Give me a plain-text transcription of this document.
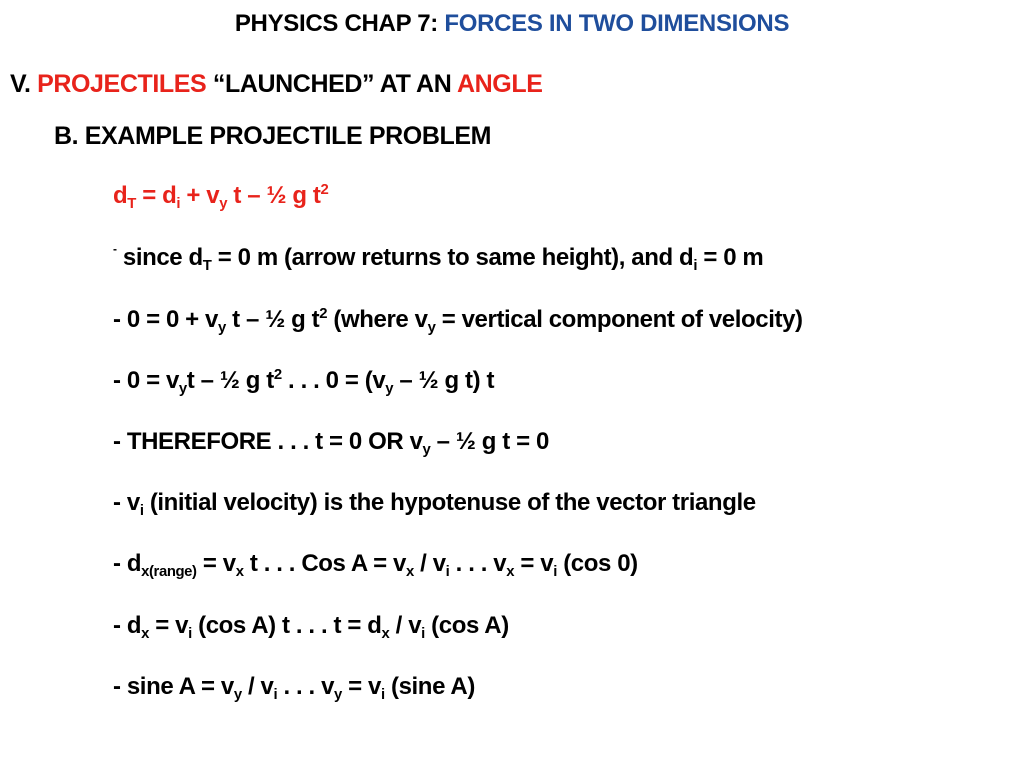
PHYSICS CHAP 7: FORCES IN TWO DIMENSIONS
V. PROJECTILES “LAUNCHED” AT AN ANGLE
B. EXAMPLE PROJECTILE PROBLEM
$d_T = d_i + v_y$ t – ½ g $t^2$
- since $d_T = 0$ m (arrow returns to same height), and $d_i = 0$ m
- $0 = 0 + v_y$ t – ½ g $t^2$ (where $v_y$ = vertical component of velocity)
- $0 = v_yt$ – ½ g $t^2$ . . . $0 = (v_y$ – ½ g t) t
- THEREFORE . . . t = 0 OR $v_y$ – ½ g t = 0
- $v_i$ (initial velocity) is the hypotenuse of the vector triangle
- $d_{x(range)} = v_x$ t . . . Cos $A = v_x / v_i$ . . . $v_x = v_i$ (cos 0)
- $d_x = v_i$ (cos A) t . . . $t = d_x / v_i$ (cos A)
- sine $A = v_y / v_i$ . . . $v_y = v_i$ (sine A)
